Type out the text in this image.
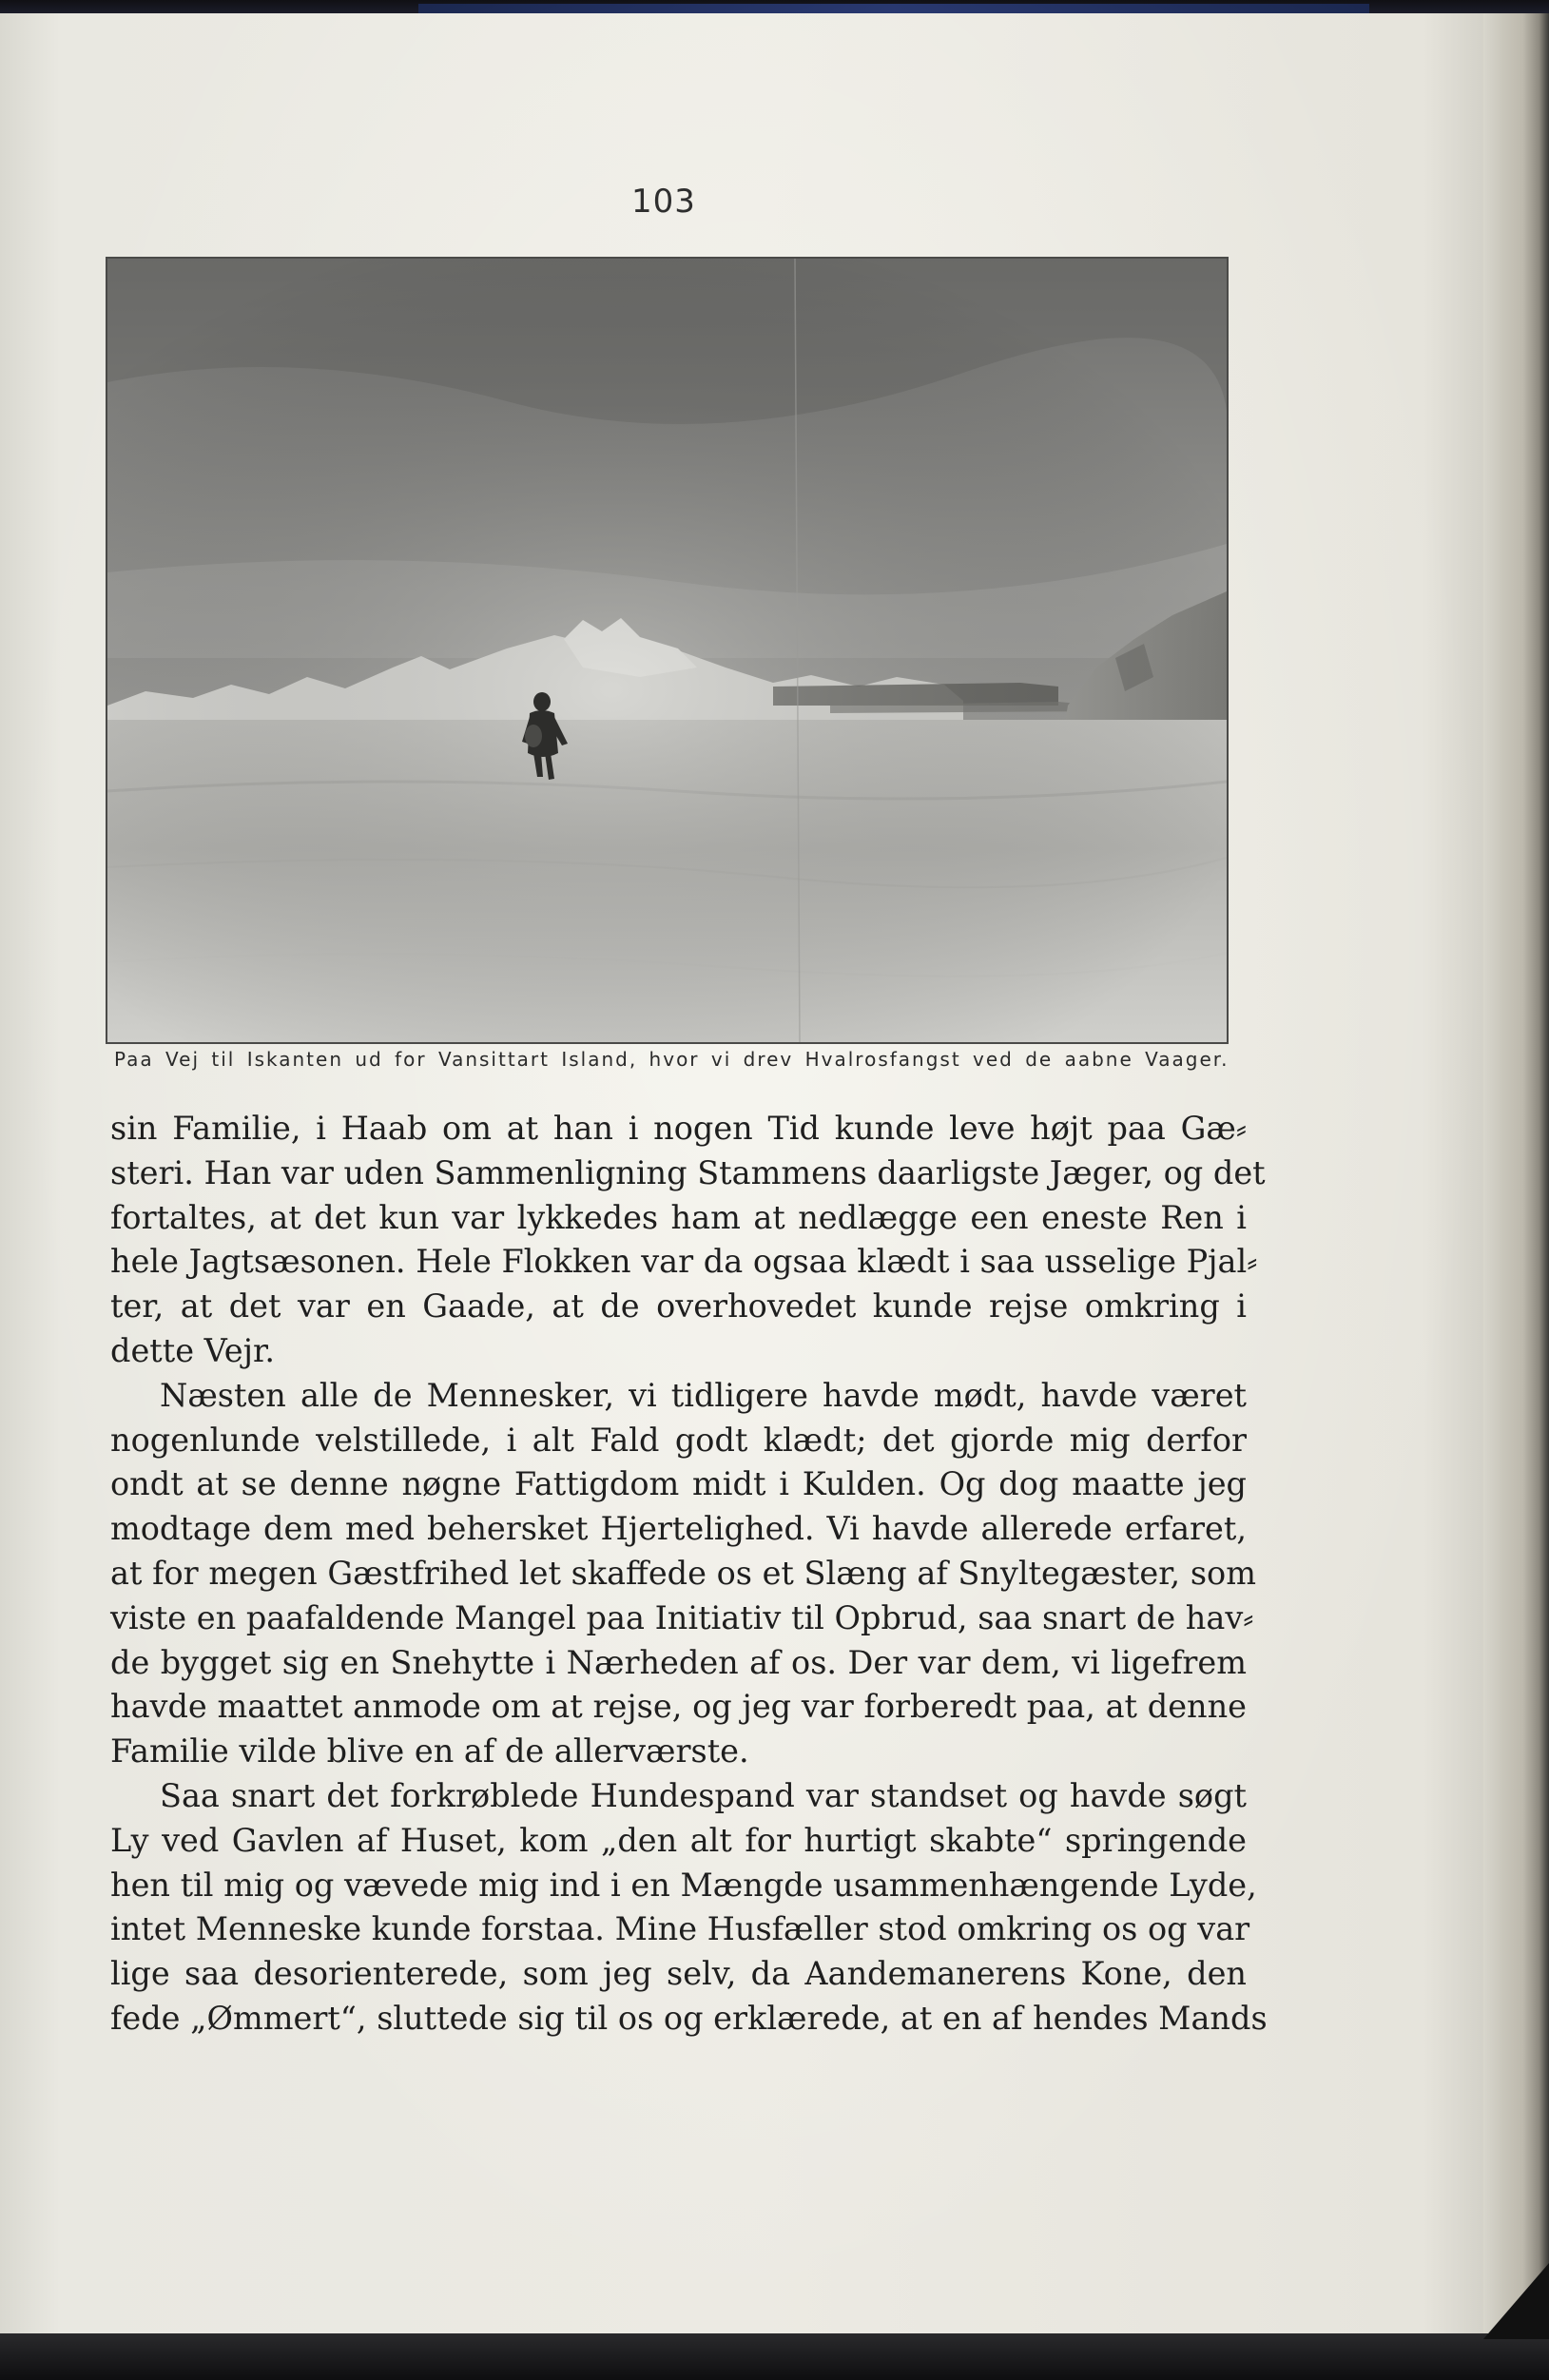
103
Paa Vej til Iskanten ud for Vansittart Island, hvor vi drev Hvalrosfangst ved de aabne Vaager.
sin Familie, i Haab om at han i nogen Tid kunde leve højt paa Gæ⸗
steri. Han var uden Sammenligning Stammens daarligste Jæger, og det
fortaltes, at det kun var lykkedes ham at nedlægge een eneste Ren i
hele Jagtsæsonen. Hele Flokken var da ogsaa klædt i saa usselige Pjal⸗
ter, at det var en Gaade, at de overhovedet kunde rejse omkring i
dette Vejr.
Næsten alle de Mennesker, vi tidligere havde mødt, havde været
nogenlunde velstillede, i alt Fald godt klædt; det gjorde mig derfor
ondt at se denne nøgne Fattigdom midt i Kulden. Og dog maatte jeg
modtage dem med behersket Hjertelighed. Vi havde allerede erfaret,
at for megen Gæstfrihed let skaffede os et Slæng af Snyltegæster, som
viste en paafaldende Mangel paa Initiativ til Opbrud, saa snart de hav⸗
de bygget sig en Snehytte i Nærheden af os. Der var dem, vi ligefrem
havde maattet anmode om at rejse, og jeg var forberedt paa, at denne
Familie vilde blive en af de allerværste.
Saa snart det forkrøblede Hundespand var standset og havde søgt
Ly ved Gavlen af Huset, kom „den alt for hurtigt skabte“ springende
hen til mig og vævede mig ind i en Mængde usammenhængende Lyde,
intet Menneske kunde forstaa. Mine Husfæller stod omkring os og var
lige saa desorienterede, som jeg selv, da Aandemanerens Kone, den
fede „Ømmert“, sluttede sig til os og erklærede, at en af hendes Mands
